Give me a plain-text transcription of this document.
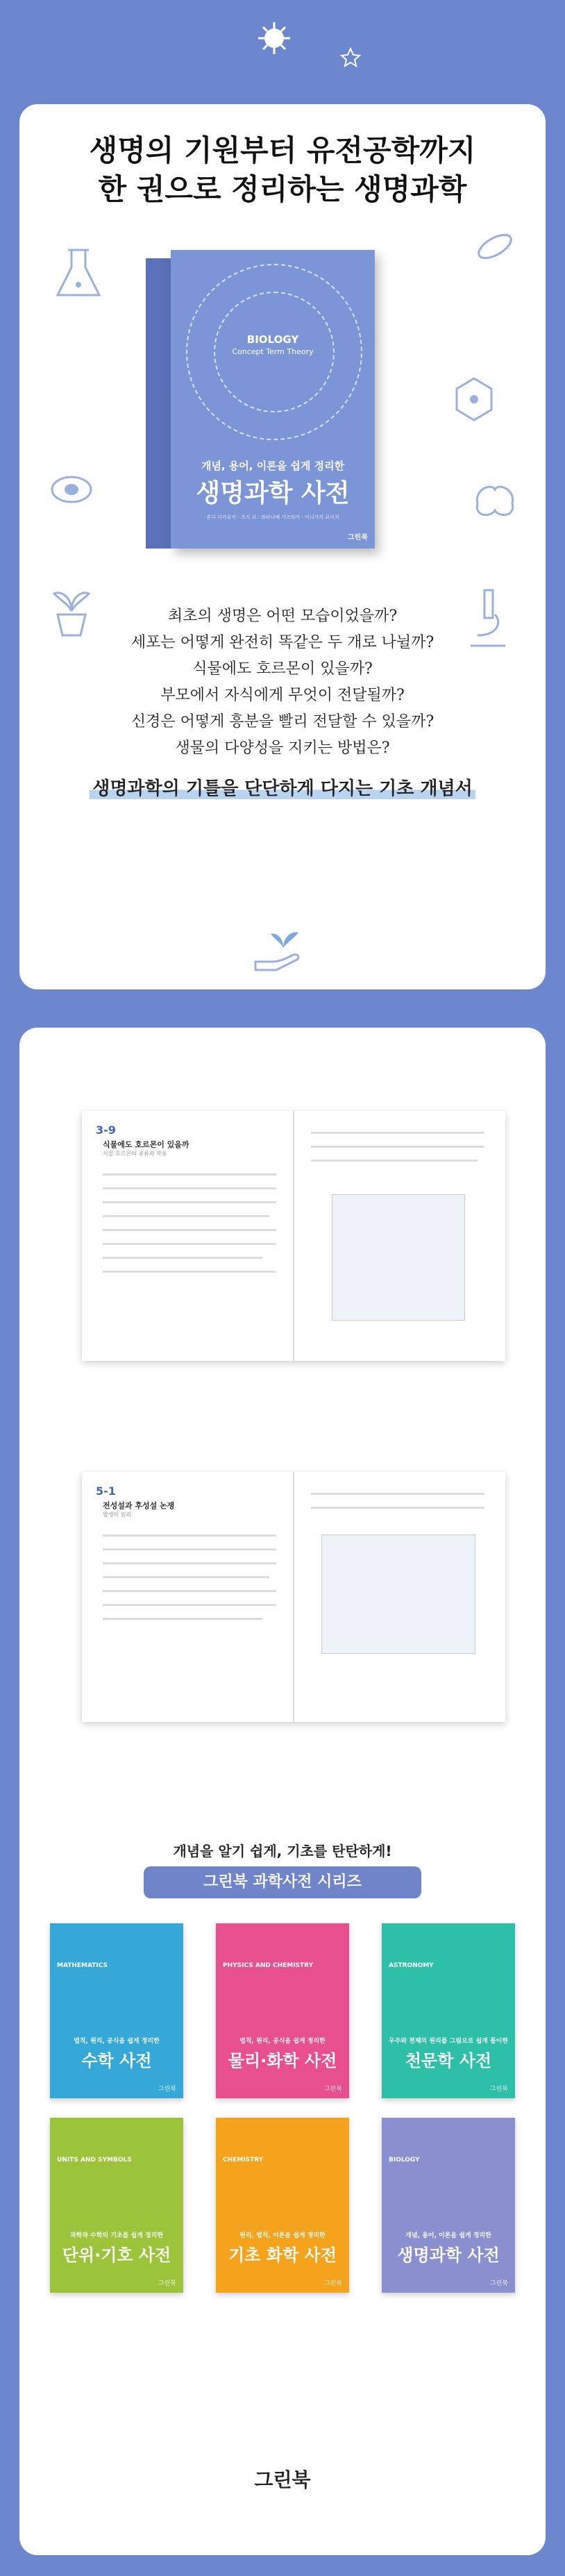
생명의 기원부터 유전공학까지
한 권으로 정리하는 생명과학
BIOLOGY
Concept Term Theory
개념, 용어, 이론을 쉽게 정리한
생명과학 사전
혼다 다카유키 · 츠지 료 · 와타나베 가즈타카 · 이니가키 료이치
그린북
최초의 생명은 어떤 모습이었을까?
세포는 어떻게 완전히 똑같은 두 개로 나뉠까?
식물에도 호르몬이 있을까?
부모에서 자식에게 무엇이 전달될까?
신경은 어떻게 흥분을 빨리 전달할 수 있을까?
생물의 다양성을 지키는 방법은?
생명과학의 기틀을 단단하게 다지는 기초 개념서
3-9
식물에도 호르몬이 있을까
식물 호르몬의 종류와 작용
5-1
전성설과 후성설 논쟁
발생의 원리
개념을 알기 쉽게, 기초를 탄탄하게!
그린북 과학사전 시리즈
MATHEMATICS
법칙, 원리, 공식을 쉽게 정리한
수학 사전
그린북
PHYSICS AND CHEMISTRY
법칙, 원리, 공식을 쉽게 정리한
물리·화학 사전
그린북
ASTRONOMY
우주와 천체의 원리를 그림으로 쉽게 풀이한
천문학 사전
그린북
UNITS AND SYMBOLS
과학과 수학의 기초를 쉽게 정리한
단위·기호 사전
그린북
CHEMISTRY
원리, 법칙, 이론을 쉽게 정리한
기초 화학 사전
그린북
BIOLOGY
개념, 용어, 이론을 쉽게 정리한
생명과학 사전
그린북
그린북
